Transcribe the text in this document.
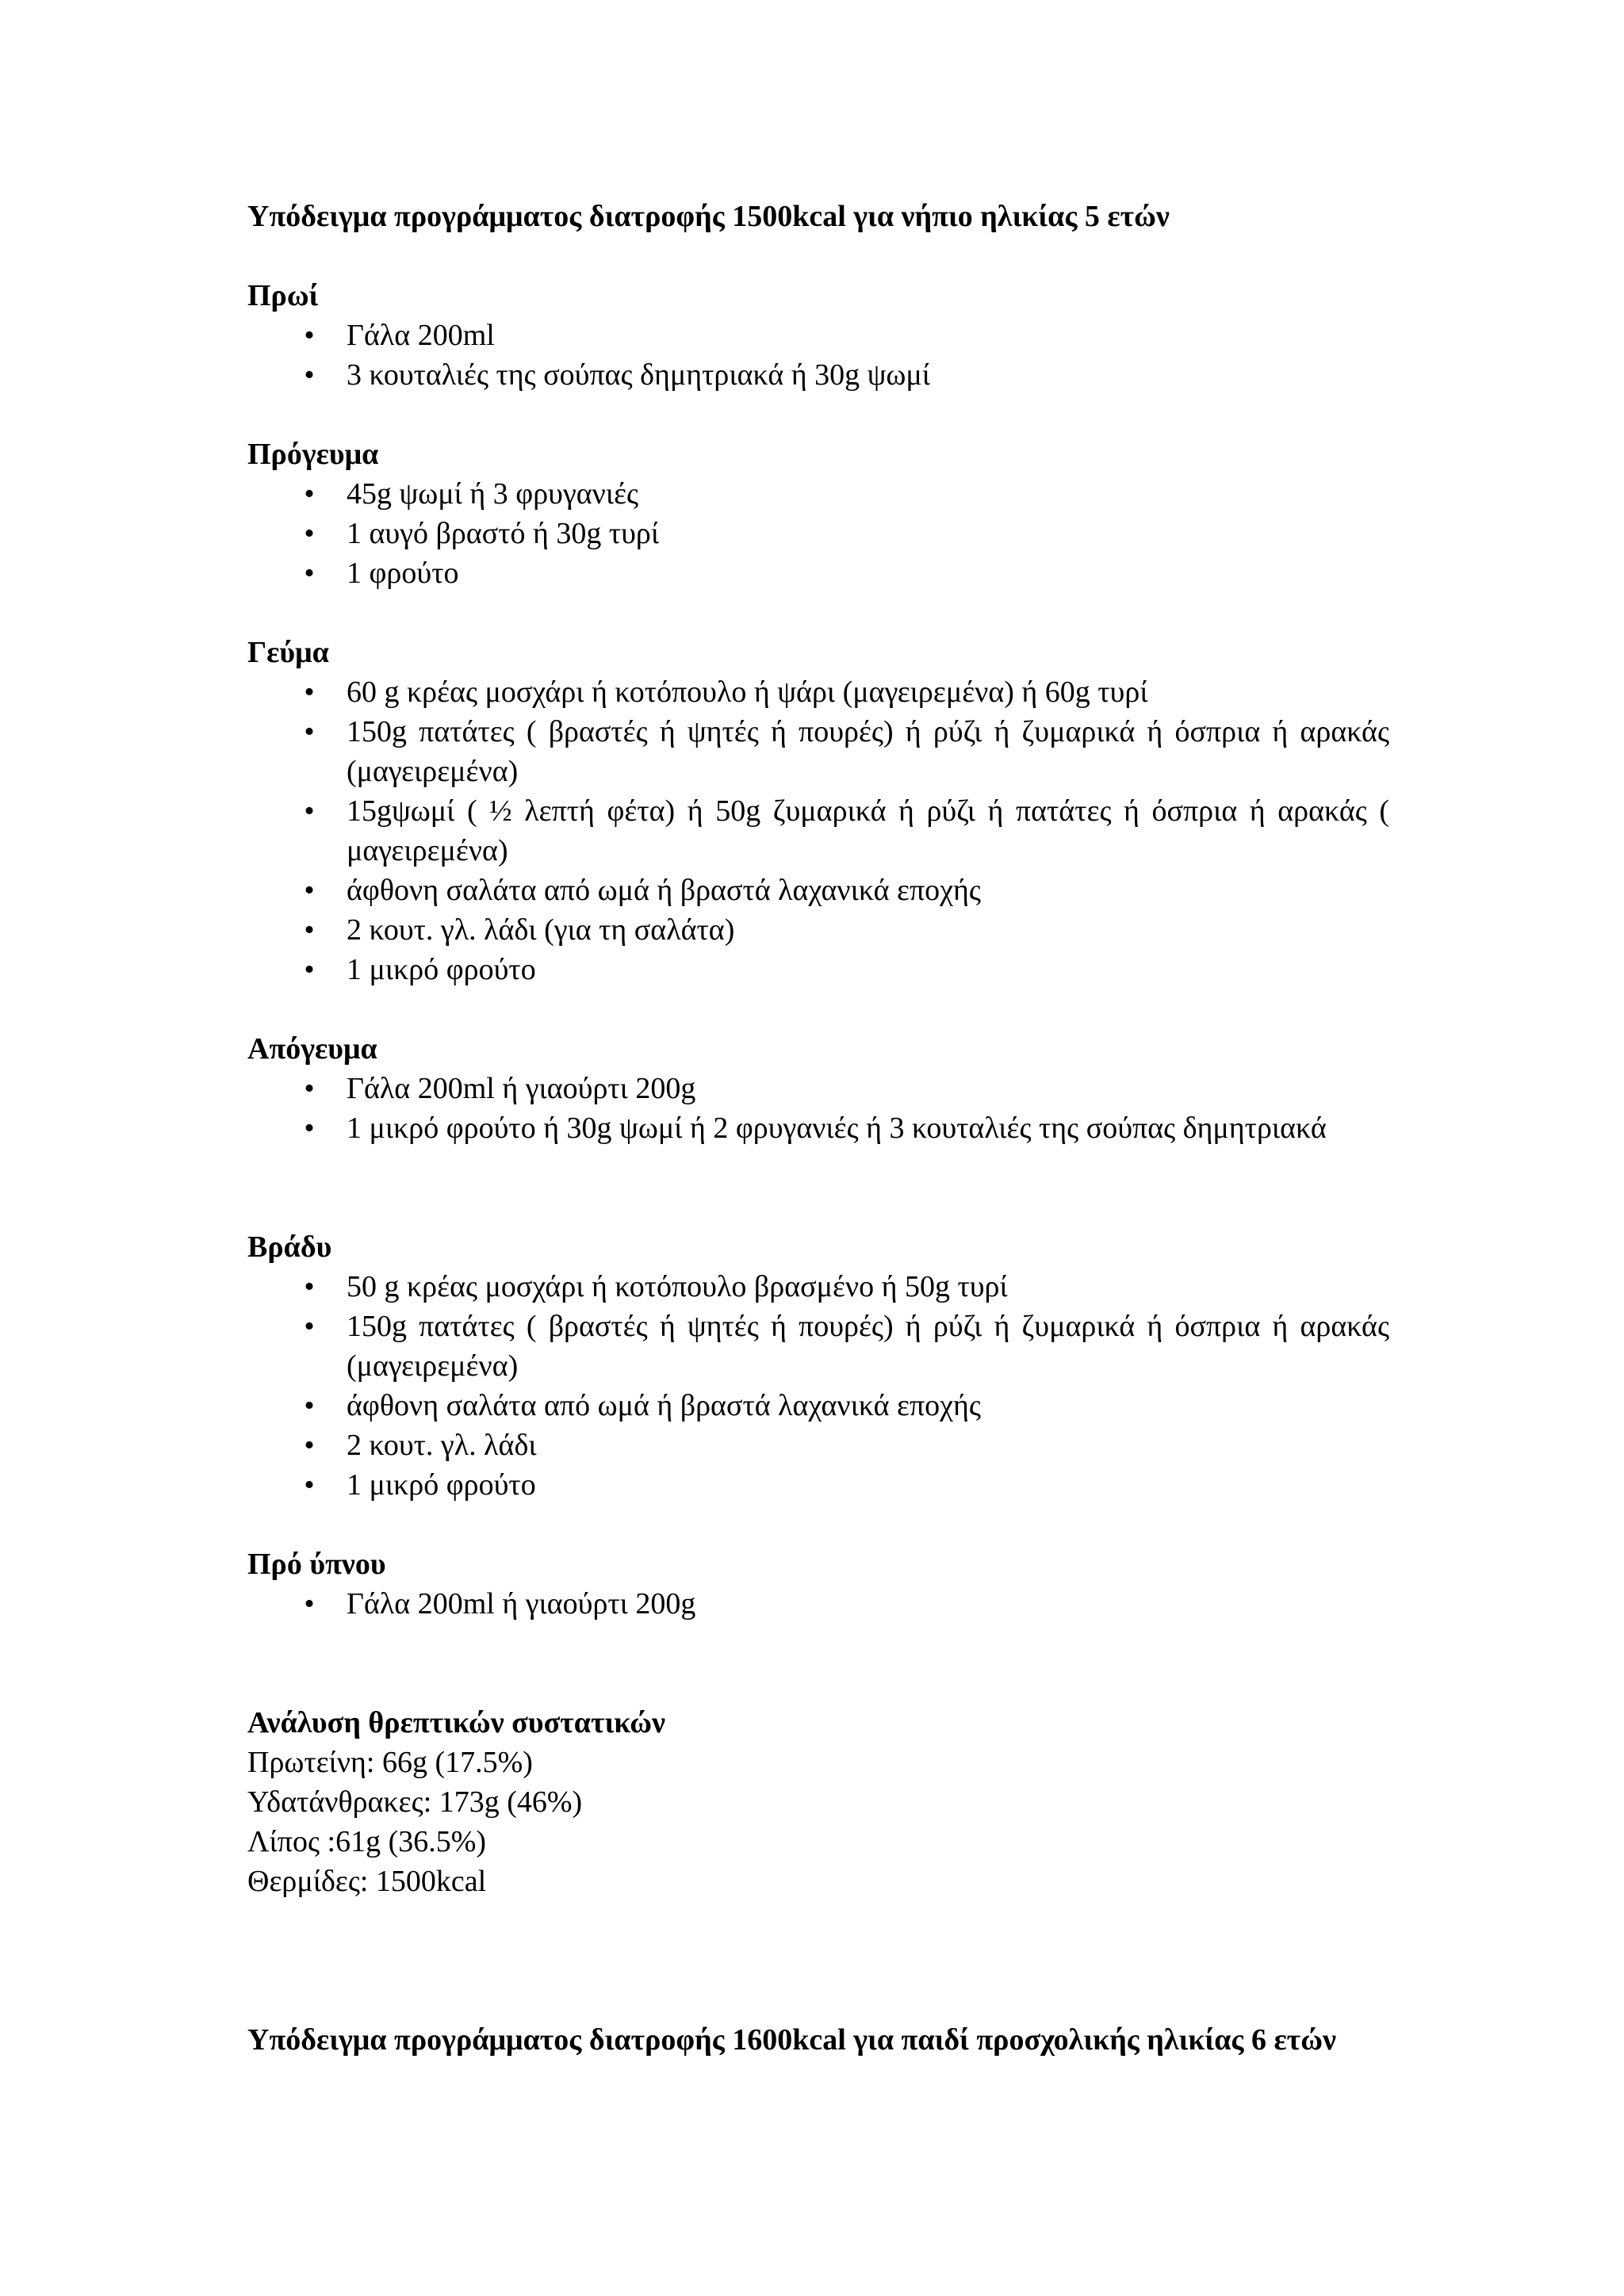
Υπόδειγμα προγράμματος διατροφής 1500kcal για νήπιο ηλικίας 5 ετών

Πρωί

• Γάλα 200ml
• 3 κουταλιές της σούπας δημητριακά ή 30g ψωμί

Πρόγευμα

• 45g ψωμί ή 3 φρυγανιές
• 1 αυγό βραστό ή 30g τυρί
• 1 φρούτο

Γεύμα

• 60 g κρέας μοσχάρι ή κοτόπουλο ή ψάρι (μαγειρεμένα) ή 60g τυρί
• 150g πατάτες ( βραστές ή ψητές ή πουρές) ή ρύζι ή ζυμαρικά ή όσπρια ή αρακάς (μαγειρεμένα)
• 15gψωμί ( ½ λεπτή φέτα) ή 50g ζυμαρικά ή ρύζι ή πατάτες ή όσπρια ή αρακάς ( μαγειρεμένα)
• άφθονη σαλάτα από ωμά ή βραστά λαχανικά εποχής
• 2 κουτ. γλ. λάδι (για τη σαλάτα)
• 1 μικρό φρούτο

Απόγευμα

• Γάλα 200ml ή γιαούρτι 200g
• 1 μικρό φρούτο ή 30g ψωμί ή 2 φρυγανιές ή 3 κουταλιές της σούπας δημητριακά

Βράδυ

• 50 g κρέας μοσχάρι ή κοτόπουλο βρασμένο ή 50g τυρί
• 150g πατάτες ( βραστές ή ψητές ή πουρές) ή ρύζι ή ζυμαρικά ή όσπρια ή αρακάς (μαγειρεμένα)
• άφθονη σαλάτα από ωμά ή βραστά λαχανικά εποχής
• 2 κουτ. γλ. λάδι
• 1 μικρό φρούτο

Πρό ύπνου

• Γάλα 200ml ή γιαούρτι 200g

Ανάλυση θρεπτικών συστατικών

Πρωτείνη: 66g (17.5%)

Υδατάνθρακες: 173g (46%)

Λίπος :61g (36.5%)

Θερμίδες: 1500kcal

Υπόδειγμα προγράμματος διατροφής 1600kcal για παιδί προσχολικής ηλικίας 6 ετών
